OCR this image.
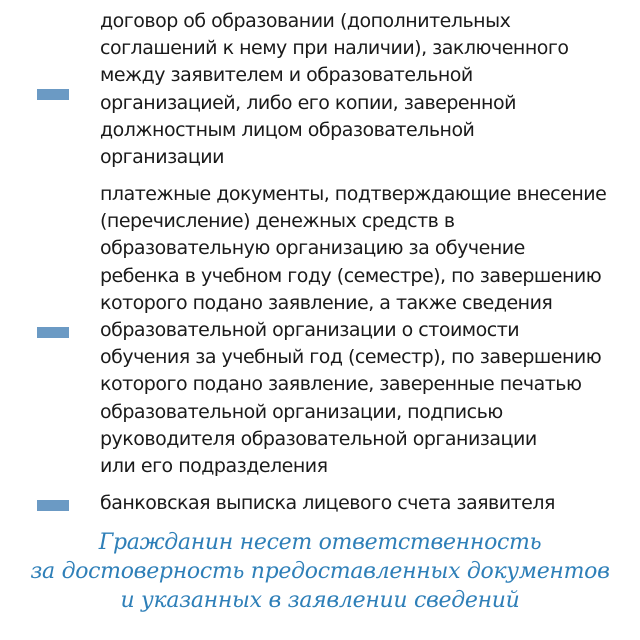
договор об образовании (дополнительных
соглашений к нему при наличии), заключенного
между заявителем и образовательной
организацией, либо его копии, заверенной
должностным лицом образовательной
организации

платежные документы, подтверждающие внесение
(перечисление) денежных средств в
образовательную организацию за обучение
ребенка в учебном году (семестре), по завершению
которого подано заявление, а также сведения
образовательной организации о стоимости
обучения за учебный год (семестр), по завершению
которого подано заявление, заверенные печатью
образовательной организации, подписью
руководителя образовательной организации
или его подразделения

банковская выписка лицевого счета заявителя

Гражданин несет ответственность
за достоверность предоставленных документов
и указанных в заявлении сведений
